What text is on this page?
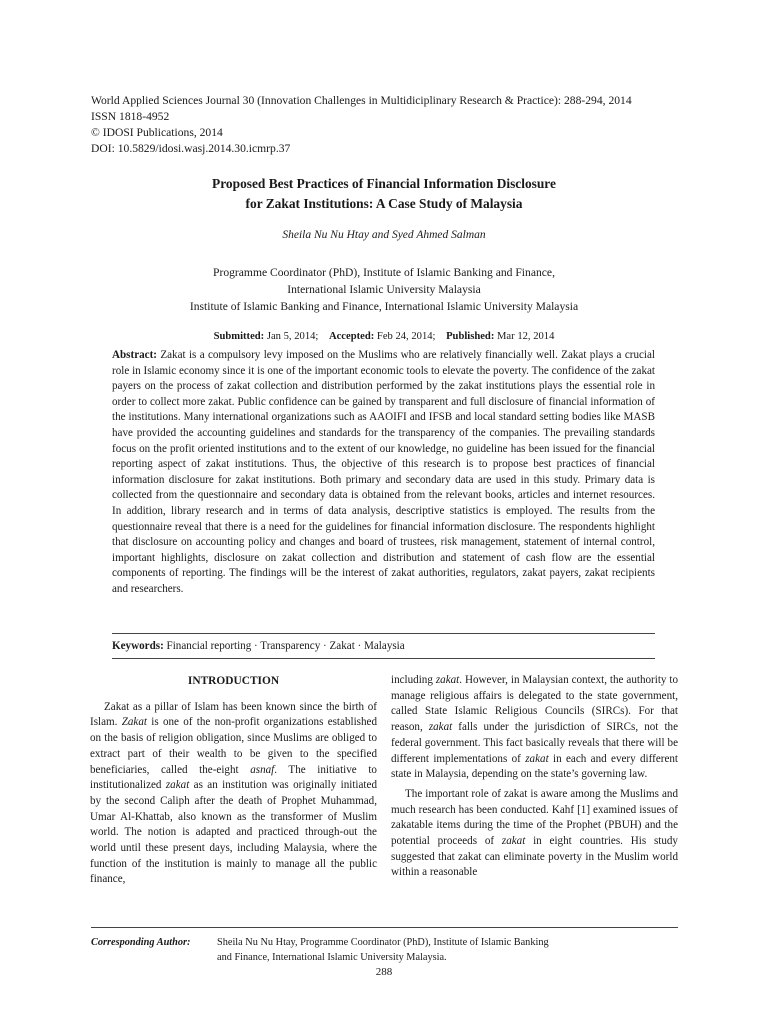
World Applied Sciences Journal 30 (Innovation Challenges in Multidiciplinary Research & Practice): 288-294, 2014
ISSN 1818-4952
© IDOSI Publications, 2014
DOI: 10.5829/idosi.wasj.2014.30.icmrp.37
Proposed Best Practices of Financial Information Disclosure
for Zakat Institutions: A Case Study of Malaysia
Sheila Nu Nu Htay and Syed Ahmed Salman
Programme Coordinator (PhD), Institute of Islamic Banking and Finance,
International Islamic University Malaysia
Institute of Islamic Banking and Finance, International Islamic University Malaysia
Submitted: Jan 5, 2014; Accepted: Feb 24, 2014; Published: Mar 12, 2014
Abstract: Zakat is a compulsory levy imposed on the Muslims who are relatively financially well. Zakat plays a crucial role in Islamic economy since it is one of the important economic tools to elevate the poverty. The confidence of the zakat payers on the process of zakat collection and distribution performed by the zakat institutions plays the essential role in order to collect more zakat. Public confidence can be gained by transparent and full disclosure of financial information of the institutions. Many international organizations such as AAOIFI and IFSB and local standard setting bodies like MASB have provided the accounting guidelines and standards for the transparency of the companies. The prevailing standards focus on the profit oriented institutions and to the extent of our knowledge, no guideline has been issued for the financial reporting aspect of zakat institutions. Thus, the objective of this research is to propose best practices of financial information disclosure for zakat institutions. Both primary and secondary data are used in this study. Primary data is collected from the questionnaire and secondary data is obtained from the relevant books, articles and internet resources. In addition, library research and in terms of data analysis, descriptive statistics is employed. The results from the questionnaire reveal that there is a need for the guidelines for financial information disclosure. The respondents highlight that disclosure on accounting policy and changes and board of trustees, risk management, statement of internal control, important highlights, disclosure on zakat collection and distribution and statement of cash flow are the essential components of reporting. The findings will be the interest of zakat authorities, regulators, zakat payers, zakat recipients and researchers.
Keywords: Financial reporting · Transparency · Zakat · Malaysia

INTRODUCTION

Zakat as a pillar of Islam has been known since the birth of Islam. Zakat is one of the non-profit organizations established on the basis of religion obligation, since Muslims are obliged to extract part of their wealth to be given to the specified beneficiaries, called the-eight asnaf. The initiative to institutionalized zakat as an institution was originally initiated by the second Caliph after the death of Prophet Muhammad, Umar Al-Khattab, also known as the transformer of Muslim world. The notion is adapted and practiced through-out the world until these present days, including Malaysia, where the function of the institution is mainly to manage all the public finance,

including zakat. However, in Malaysian context, the authority to manage religious affairs is delegated to the state government, called State Islamic Religious Councils (SIRCs). For that reason, zakat falls under the jurisdiction of SIRCs, not the federal government. This fact basically reveals that there will be different implementations of zakat in each and every different state in Malaysia, depending on the state’s governing law.

The important role of zakat is aware among the Muslims and much research has been conducted. Kahf [1] examined issues of zakatable items during the time of the Prophet (PBUH) and the potential proceeds of zakat in eight countries. His study suggested that zakat can eliminate poverty in the Muslim world within a reasonable

Corresponding Author:	Sheila Nu Nu Htay, Programme Coordinator (PhD), Institute of Islamic Banking
and Finance, International Islamic University Malaysia.
288
